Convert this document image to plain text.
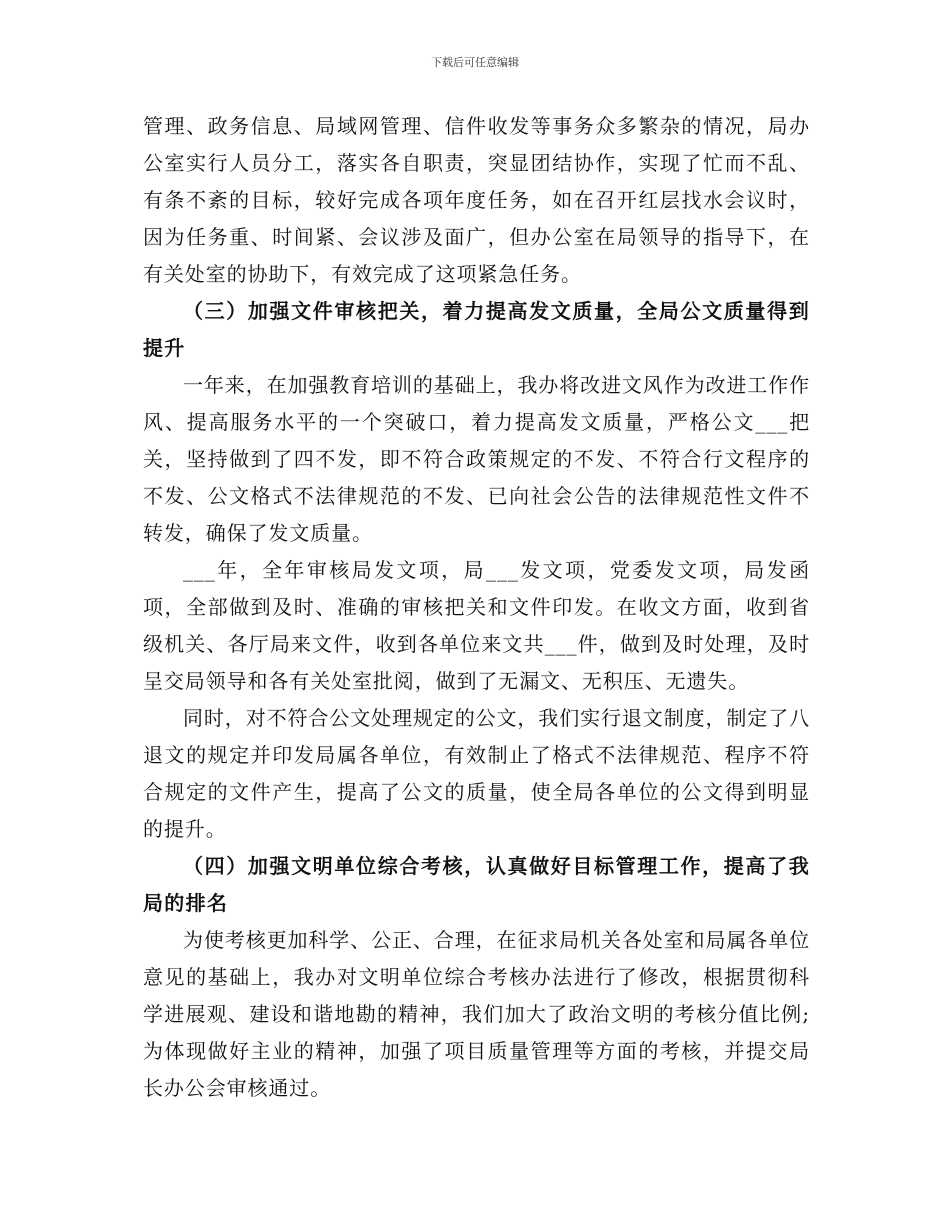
下载后可任意编辑

管理、政务信息、局域网管理、信件收发等事务众多繁杂的情况，局办公室实行人员分工，落实各自职责，突显团结协作，实现了忙而不乱、有条不紊的目标，较好完成各项年度任务，如在召开红层找水会议时，因为任务重、时间紧、会议涉及面广，但办公室在局领导的指导下，在有关处室的协助下，有效完成了这项紧急任务。

（三）加强文件审核把关，着力提高发文质量，全局公文质量得到提升

一年来，在加强教育培训的基础上，我办将改进文风作为改进工作作风、提高服务水平的一个突破口，着力提高发文质量，严格公文___把关，坚持做到了四不发，即不符合政策规定的不发、不符合行文程序的不发、公文格式不法律规范的不发、已向社会公告的法律规范性文件不转发，确保了发文质量。

___年，全年审核局发文项，局___发文项，党委发文项，局发函项，全部做到及时、准确的审核把关和文件印发。在收文方面，收到省级机关、各厅局来文件，收到各单位来文共___件，做到及时处理，及时呈交局领导和各有关处室批阅，做到了无漏文、无积压、无遗失。

同时，对不符合公文处理规定的公文，我们实行退文制度，制定了八退文的规定并印发局属各单位，有效制止了格式不法律规范、程序不符合规定的文件产生，提高了公文的质量，使全局各单位的公文得到明显的提升。

（四）加强文明单位综合考核，认真做好目标管理工作，提高了我局的排名

为使考核更加科学、公正、合理，在征求局机关各处室和局属各单位意见的基础上，我办对文明单位综合考核办法进行了修改，根据贯彻科学进展观、建设和谐地勘的精神，我们加大了政治文明的考核分值比例;为体现做好主业的精神，加强了项目质量管理等方面的考核，并提交局长办公会审核通过。
